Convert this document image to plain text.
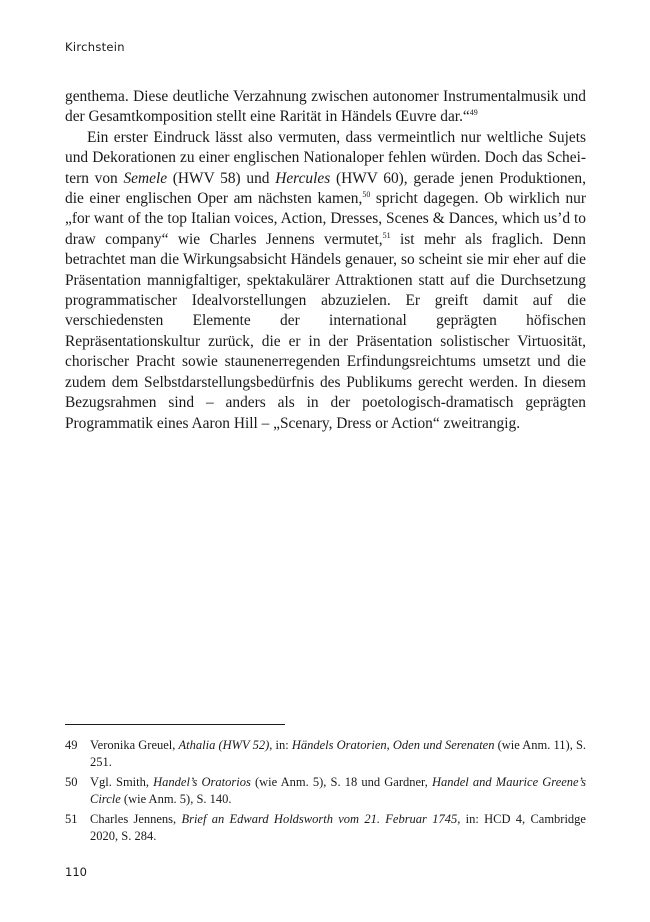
Kirchstein

genthema. Diese deutliche Verzahnung zwischen autonomer Instrumentalmusik und der Gesamtkomposition stellt eine Rarität in Händels Œuvre dar.“$^{49}$

Ein erster Eindruck lässt also vermuten, dass vermeintlich nur weltliche Sujets und Dekorationen zu einer englischen Nationaloper fehlen würden. Doch das Scheitern von Semele (HWV 58) und Hercules (HWV 60), gerade jenen Produktionen, die einer englischen Oper am nächsten kamen,$^{50}$ spricht dagegen. Ob wirklich nur „for want of the top Italian voices, Action, Dresses, Scenes & Dances, which us’d to draw company“ wie Charles Jennens vermutet,$^{51}$ ist mehr als fraglich. Denn betrachtet man die Wirkungsabsicht Händels genauer, so scheint sie mir eher auf die Präsentation mannigfaltiger, spektakulärer Attraktionen statt auf die Durchsetzung programmatischer Idealvorstellungen abzuzielen. Er greift damit auf die verschiedensten Elemente der international geprägten höfischen Repräsentationskultur zurück, die er in der Präsentation solistischer Virtuosität, chorischer Pracht sowie staunenerregenden Erfindungsreichtums umsetzt und die zudem dem Selbstdarstellungsbedürfnis des Publikums gerecht werden. In diesem Bezugsrahmen sind – anders als in der poetologisch-dramatisch geprägten Programmatik eines Aaron Hill – „Scenary, Dress or Action“ zweitrangig.

49	Veronika Greuel, Athalia (HWV 52), in: Händels Oratorien, Oden und Serenaten (wie Anm. 11), S. 251.
50	Vgl. Smith, Handel’s Oratorios (wie Anm. 5), S. 18 und Gardner, Handel and Maurice Greene’s Circle (wie Anm. 5), S. 140.
51	Charles Jennens, Brief an Edward Holdsworth vom 21. Februar 1745, in: HCD 4, Cambridge 2020, S. 284.
110
